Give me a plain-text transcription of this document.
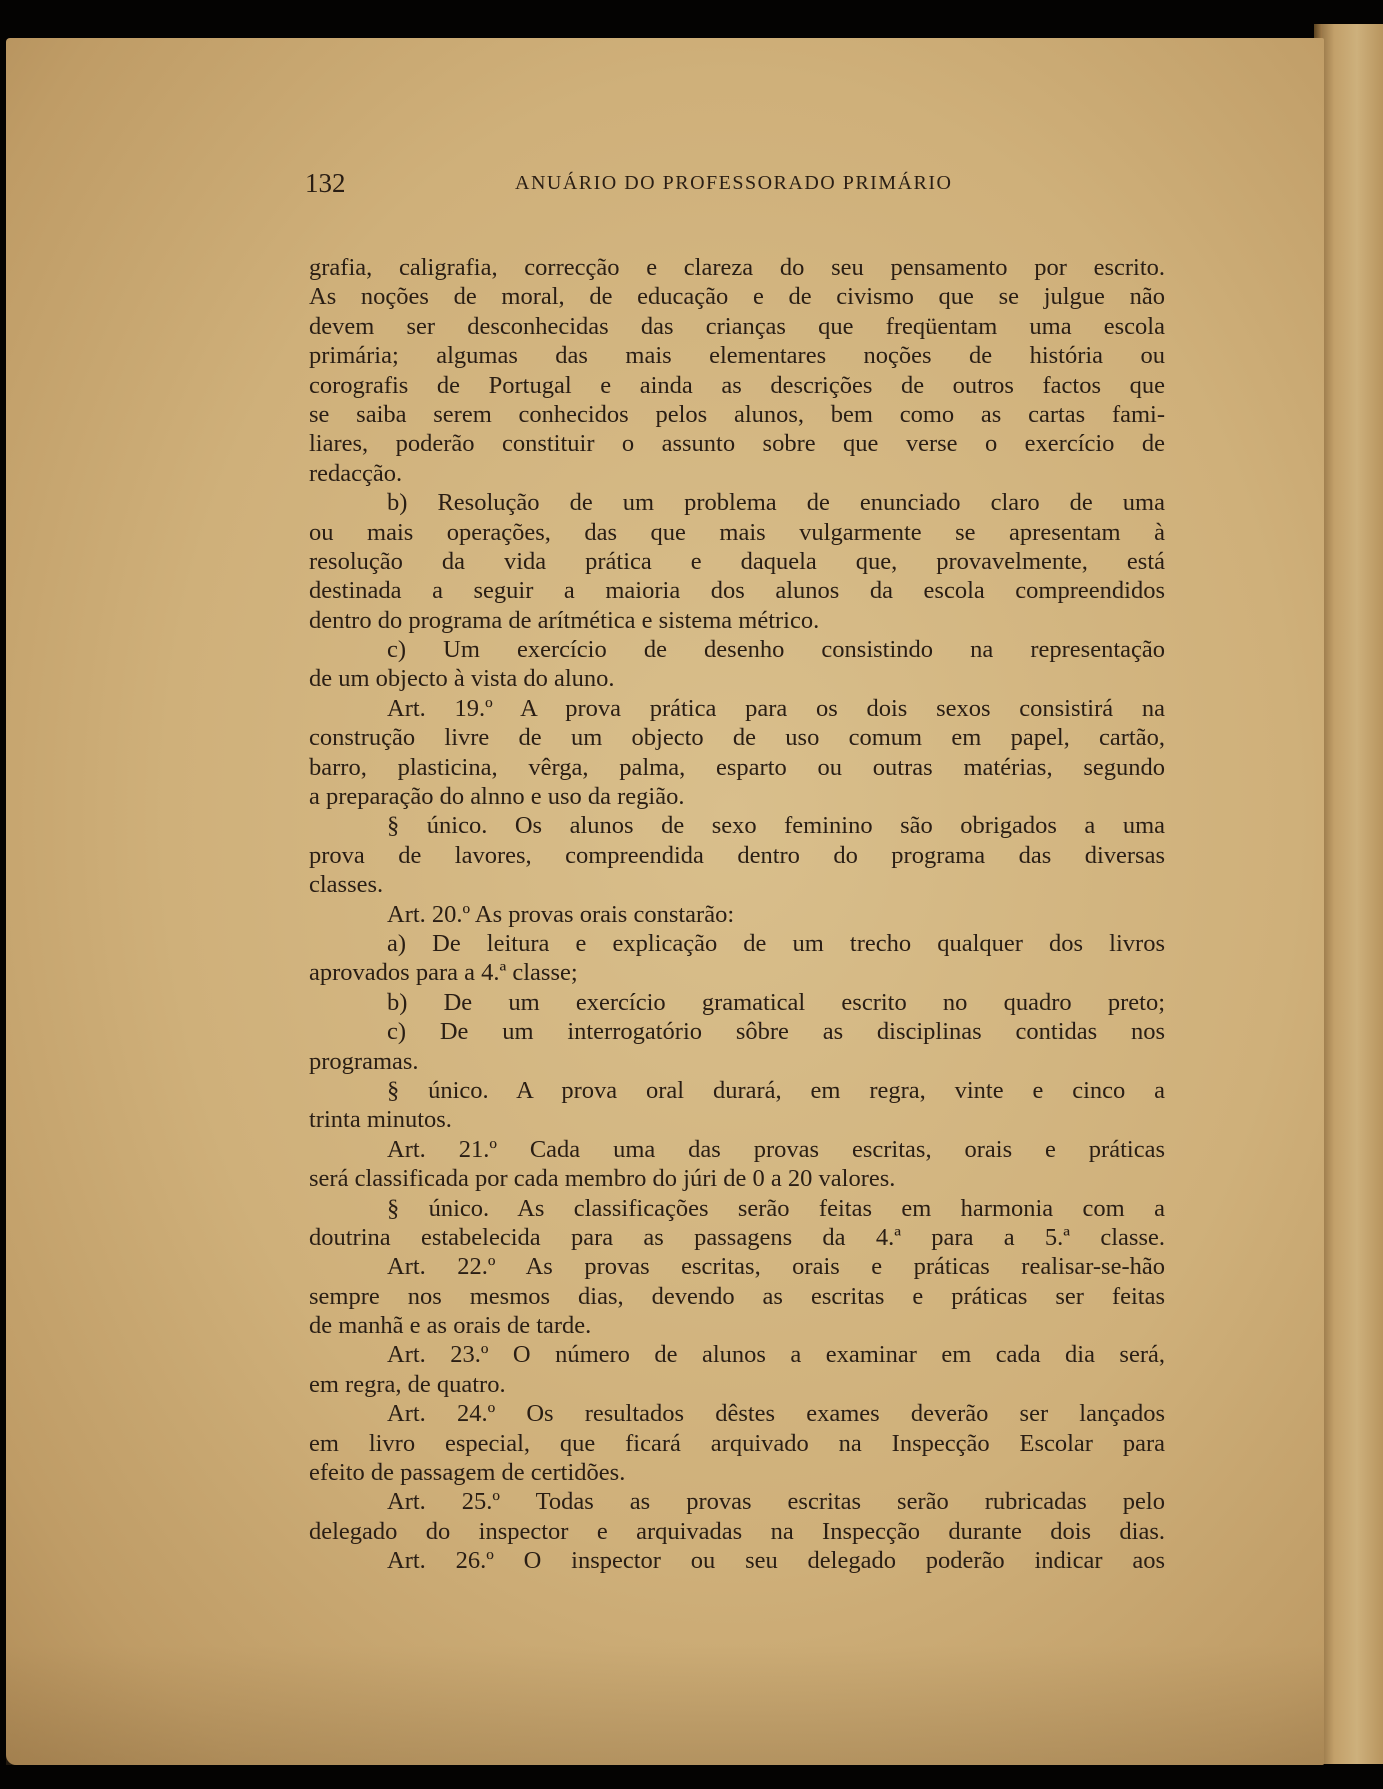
132	ANUÁRIO DO PROFESSORADO PRIMÁRIO
grafia, caligrafia, correcção e clareza do seu pensamento por escrito.
As noções de moral, de educação e de civismo que se julgue não
devem ser desconhecidas das crianças que freqüentam uma escola
primária; algumas das mais elementares noções de história ou
corografis de Portugal e ainda as descrições de outros factos que
se saiba serem conhecidos pelos alunos, bem como as cartas fami-
liares, poderão constituir o assunto sobre que verse o exercício de
redacção.
b) Resolução de um problema de enunciado claro de uma
ou mais operações, das que mais vulgarmente se apresentam à
resolução da vida prática e daquela que, provavelmente, está
destinada a seguir a maioria dos alunos da escola compreendidos
dentro do programa de arítmética e sistema métrico.
c) Um exercício de desenho consistindo na representação
de um objecto à vista do aluno.
Art. 19.º A prova prática para os dois sexos consistirá na
construção livre de um objecto de uso comum em papel, cartão,
barro, plasticina, vêrga, palma, esparto ou outras matérias, segundo
a preparação do alnno e uso da região.
§ único. Os alunos de sexo feminino são obrigados a uma
prova de lavores, compreendida dentro do programa das diversas
classes.
Art. 20.º As provas orais constarão:
a) De leitura e explicação de um trecho qualquer dos livros
aprovados para a 4.ª classe;
b) De um exercício gramatical escrito no quadro preto;
c) De um interrogatório sôbre as disciplinas contidas nos
programas.
§ único. A prova oral durará, em regra, vinte e cinco a
trinta minutos.
Art. 21.º Cada uma das provas escritas, orais e práticas
será classificada por cada membro do júri de 0 a 20 valores.
§ único. As classificações serão feitas em harmonia com a
doutrina estabelecida para as passagens da 4.ª para a 5.ª classe.
Art. 22.º As provas escritas, orais e práticas realisar-se-hão
sempre nos mesmos dias, devendo as escritas e práticas ser feitas
de manhã e as orais de tarde.
Art. 23.º O número de alunos a examinar em cada dia será,
em regra, de quatro.
Art. 24.º Os resultados dêstes exames deverão ser lançados
em livro especial, que ficará arquivado na Inspecção Escolar para
efeito de passagem de certidões.
Art. 25.º Todas as provas escritas serão rubricadas pelo
delegado do inspector e arquivadas na Inspecção durante dois dias.
Art. 26.º O inspector ou seu delegado poderão indicar aos
